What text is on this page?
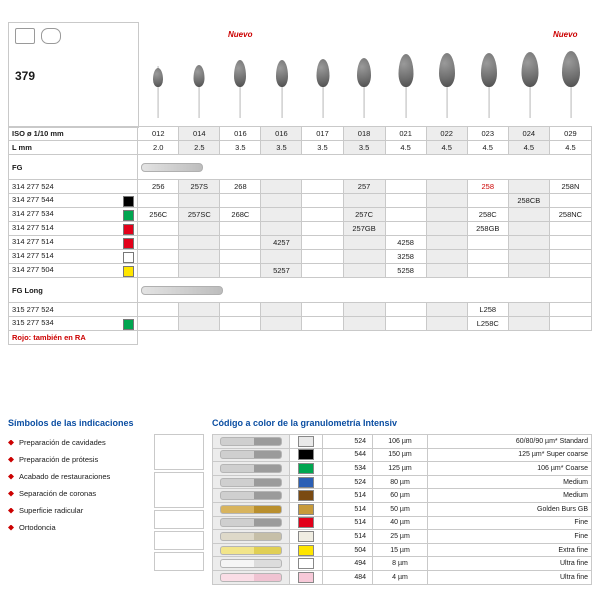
Nuevo	Nuevo
379
ISO ø 1/10 mm	012	014	016	016	017	018	021	022	023	024	029
L mm	2.0	2.5	3.5	3.5	3.5	3.5	4.5	4.5	4.5	4.5	4.5
FG											

314 277 524	256	257S	268			257			258		258N
314 277 544										258CB	
314 277 534	256C	257SC	268C			257C			258C		258NC
314 277 514						257GB			258GB		
314 277 514				4257			4258				
314 277 514							3258				
314 277 504				5257			5258				
FG Long											

315 277 524									L258		
315 277 534									L258C		
Rojo: también en RA											
Símbolos de las indicaciones
Preparación de cavidades
Preparación de prótesis
Acabado de restauraciones
Separación de coronas
Superficie radicular
Ortodoncia
Código a color de la granulometría Intensiv

	524	106 µm	60/80/90 µm* Standard

	544	150 µm	125 µm* Super coarse

	534	125 µm	106 µm* Coarse

	524	80 µm	Medium

	514	60 µm	Medium

	514	50 µm	Golden Burs GB

	514	40 µm	Fine

	514	25 µm	Fine

	504	15 µm	Extra fine

	494	8 µm	Ultra fine

	484	4 µm	Ultra fine
